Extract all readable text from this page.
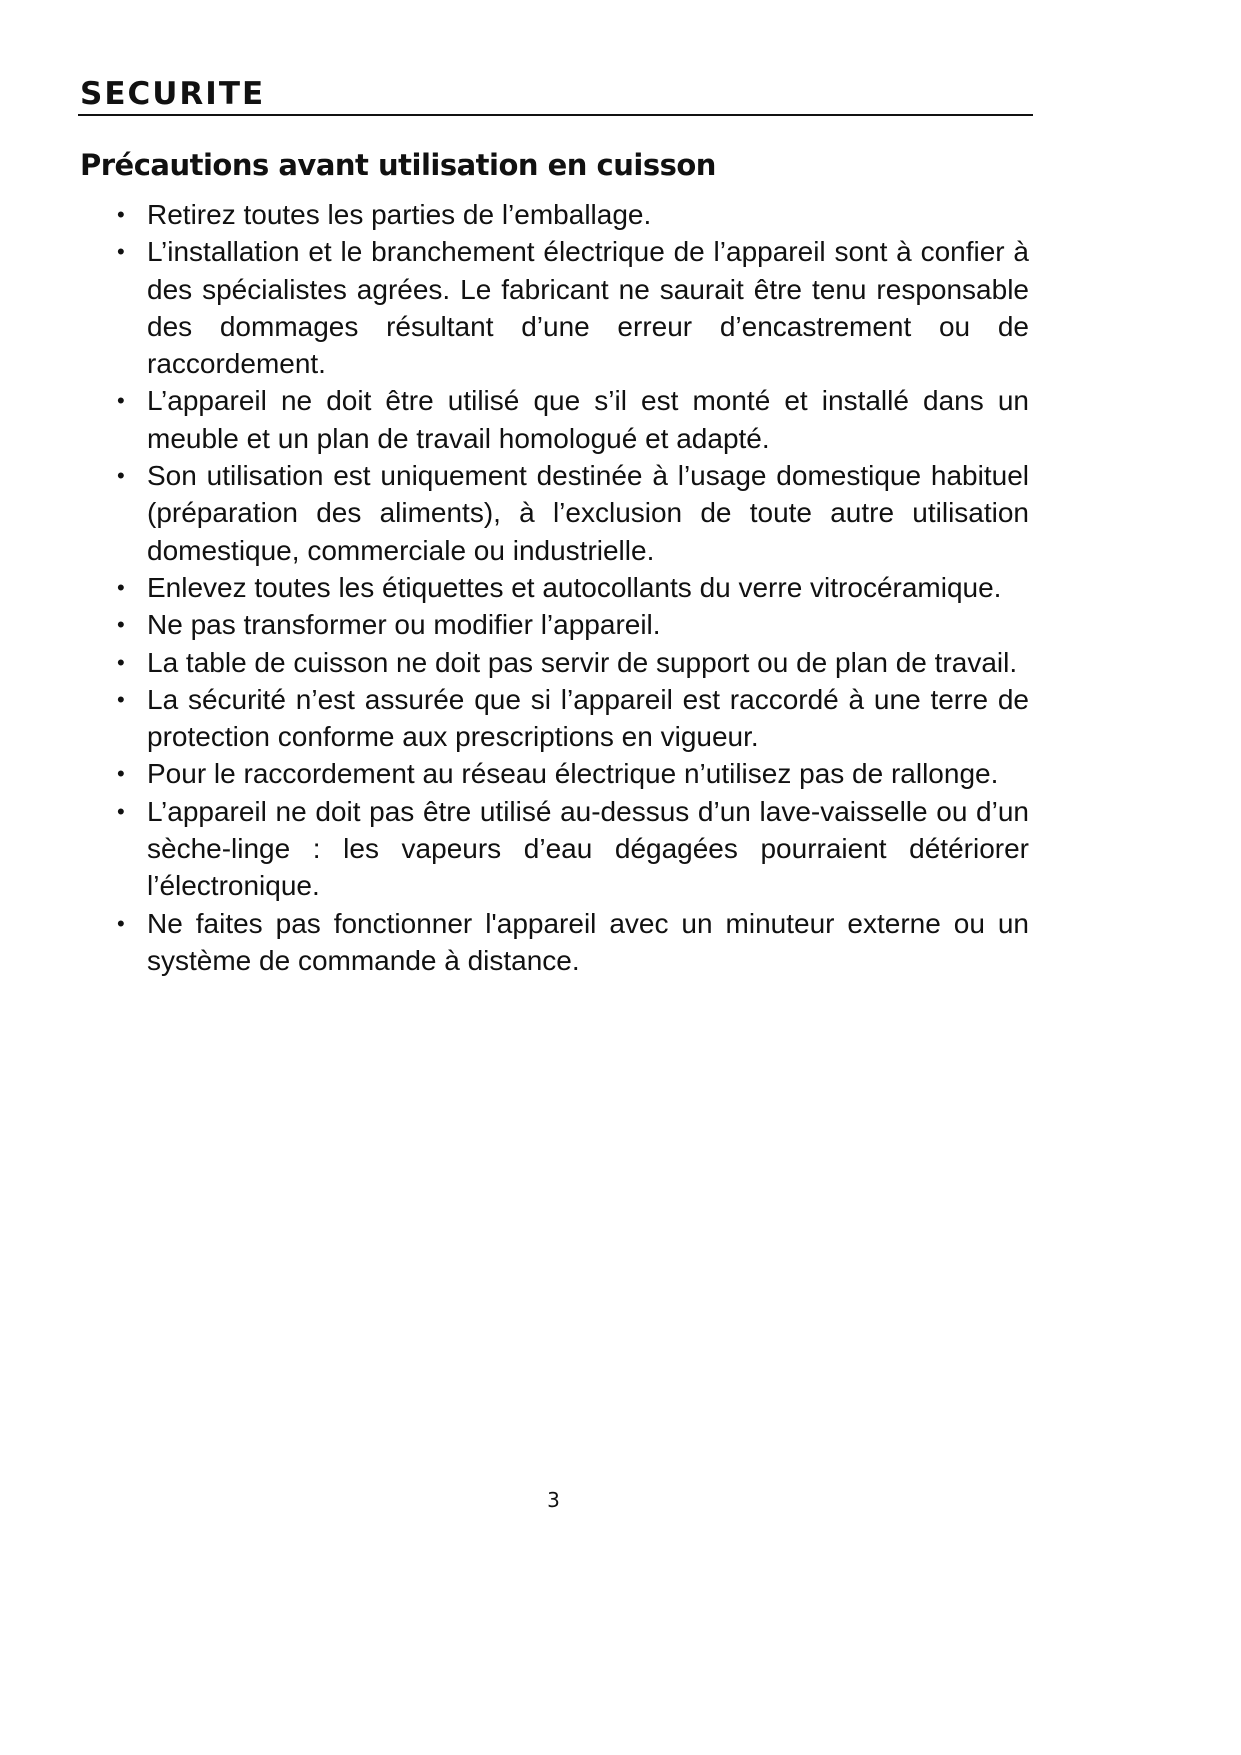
SECURITE
Précautions avant utilisation en cuisson
• Retirez toutes les parties de l’emballage.
• L’installation et le branchement électrique de l’appareil sont à confier à des spécialistes agrées. Le fabricant ne saurait être tenu responsable des dommages résultant d’une erreur d’encastrement ou de raccordement.
• L’appareil ne doit être utilisé que s’il est monté et installé dans un meuble et un plan de travail homologué et adapté.
• Son utilisation est uniquement destinée à l’usage domestique habituel (préparation des aliments), à l’exclusion de toute autre utilisation domestique, commerciale ou industrielle.
• Enlevez toutes les étiquettes et autocollants du verre vitrocéramique.
• Ne pas transformer ou modifier l’appareil.
• La table de cuisson ne doit pas servir de support ou de plan de travail.
• La sécurité n’est assurée que si l’appareil est raccordé à une terre de protection conforme aux prescriptions en vigueur.
• Pour le raccordement au réseau électrique n’utilisez pas de rallonge.
• L’appareil ne doit pas être utilisé au-dessus d’un lave-vaisselle ou d’un sèche-linge : les vapeurs d’eau dégagées pourraient détériorer l’électronique.
• Ne faites pas fonctionner l'appareil avec un minuteur externe ou un système de commande à distance.
3
